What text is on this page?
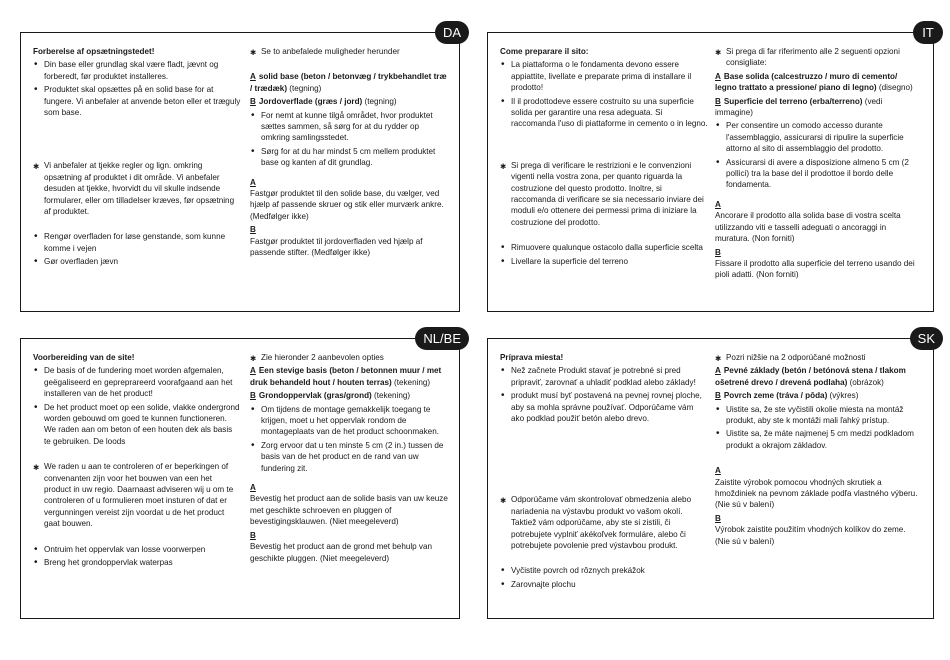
DA

Forberelse af opsætningstedet!

• Din base eller grundlag skal være fladt, jævnt og forberedt, før produktet installeres.

• Produktet skal opsættes på en solid base for at fungere. Vi anbefaler at anvende beton eller et træguly som base.

✱ Vi anbefaler at tjekke regler og lign. omkring opsætning af produktet i dit område. Vi anbefaler desuden at tjekke, hvorvidt du vil skulle indsende formularer, eller om tilladelser kræves, før opsætning af produktet.

• Rengør overfladen for løse genstande, som kunne komme i vejen

• Gør overfladen jævn

✱ Se to anbefalede muligheder herunder

A solid base (beton / betonvæg / trykbehandlet træ / trædæk) (tegning)

B Jordoverflade (græs / jord) (tegning)

• For nemt at kunne tilgå området, hvor produktet sættes sammen, så sørg for at du rydder op omkring samlingsstedet.

• Sørg for at du har mindst 5 cm mellem produktet base og kanten af dit grundlag.

A

Fastgør produktet til den solide base, du vælger, ved hjælp af passende skruer og stik eller murværk ankre. (Medfølger ikke)

B

Fastgør produktet til jordoverfladen ved hjælp af passende stifter. (Medfølger ikke)

IT

Come preparare il sito:

• La piattaforma o le fondamenta devono essere appiattite, livellate e preparate prima di installare il prodotto!

• Il il prodottodeve essere costruito su una superficie solida per garantire una resa adeguata. Si raccomanda l'uso di piattaforme in cemento o in legno.

✱ Si prega di verificare le restrizioni e le convenzioni vigenti nella vostra zona, per quanto riguarda la costruzione del questo prodotto. Inoltre, si raccomanda di verificare se sia necessario inviare dei moduli e/o ottenere dei permessi prima di iniziare la costruzione del prodotto.

• Rimuovere qualunque ostacolo dalla superficie scelta

• Livellare la superficie del terreno

✱ Si prega di far riferimento alle 2 seguenti opzioni consigliate:

A Base solida (calcestruzzo / muro di cemento/ legno trattato a pressione/ piano di legno) (disegno)

B Superficie del terreno (erba/terreno) (vedi immagine)

• Per consentire un comodo accesso durante l'assemblaggio, assicurarsi di ripulire la superficie attorno al sito di assemblaggio del prodotto.

• Assicurarsi di avere a disposizione almeno 5 cm (2 pollici) tra la base del il prodottoe il bordo delle fondamenta.

A

Ancorare il prodotto alla solida base di vostra scelta utilizzando viti e tasselli adeguati o ancoraggi in muratura. (Non forniti)

B

Fissare il prodotto alla superficie del terreno usando dei pioli adatti. (Non forniti)

NL/BE

Voorbereiding van de site!

• De basis of de fundering moet worden afgemalen, geëgaliseerd en gepreprareerd voorafgaand aan het installeren van de het product!

• De het product moet op een solide, vlakke ondergrond worden gebouwd om goed te kunnen functioneren. We raden aan om beton of een houten dek als basis te gebruiken. De loods

✱ We raden u aan te controleren of er beperkingen of convenanten zijn voor het bouwen van een het product in uw regio. Daarnaast adviseren wij u om te controleren of u formulieren moet insturen of dat er vergunningen vereist zijn voordat u de het product gaat bouwen.

• Ontruim het oppervlak van losse voorwerpen

• Breng het grondoppervlak waterpas

✱ Zie hieronder 2 aanbevolen opties

A Een stevige basis (beton / betonnen muur / met druk behandeld hout / houten terras) (tekening)

B Grondoppervlak (gras/grond) (tekening)

• Om tijdens de montage gemakkelijk toegang te krijgen, moet u het oppervlak rondom de montageplaats van de het product schoonmaken.

• Zorg ervoor dat u ten minste 5 cm (2 in.) tussen de basis van de het product en de rand van uw fundering zit.

A

Bevestig het product aan de solide basis van uw keuze met geschikte schroeven en pluggen of bevestigingsklauwen. (Niet meegeleverd)

B

Bevestig het product aan de grond met behulp van geschikte pluggen. (Niet meegeleverd)

SK

Príprava miesta!

• Než začnete Produkt stavať je potrebné si pred pripraviť, zarovnať a uhladiť podklad alebo základy!

• produkt musí byť postavená na pevnej rovnej ploche, aby sa mohla správne používať. Odporúčame vám ako podklad použiť betón alebo drevo.

✱ Odporúčame vám skontrolovať obmedzenia alebo nariadenia na výstavbu produkt vo vašom okolí. Taktiež vám odporúčame, aby ste si zistili, či potrebujete vyplniť akékoľvek formuláre, alebo či potrebujete povolenie pred výstavbou produkt.

• Vyčistite povrch od rôznych prekážok

• Zarovnajte plochu

✱ Pozri nižšie na 2 odporúčané možnosti

A Pevné základy (betón / betónová stena / tlakom ošetrené drevo / drevená podlaha) (obrázok)

B Povrch zeme (tráva / pôda) (výkres)

• Uistite sa, že ste vyčistili okolie miesta na montáž produkt, aby ste k montáži mali ľahký prístup.

• Uistite sa, že máte najmenej 5 cm medzi podkladom produkt a okrajom základov.

A

Zaistite výrobok pomocou vhodných skrutiek a hmoždiniek na pevnom základe podľa vlastného výberu. (Nie sú v balení)

B

Výrobok zaistite použitím vhodných kolíkov do zeme. (Nie sú v balení)
